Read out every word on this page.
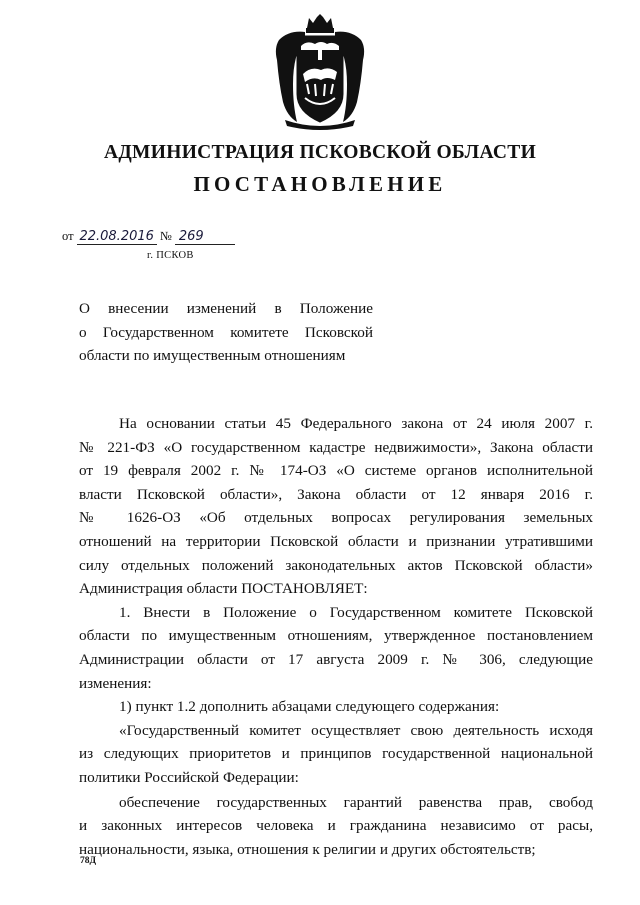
АДМИНИСТРАЦИЯ ПСКОВСКОЙ ОБЛАСТИ
ПОСТАНОВЛЕНИЕ
от 22.08.2016 № 269
г. ПСКОВ
О внесении изменений в Положение
о Государственном комитете Псковской
области по имущественным отношениям
На основании статьи 45 Федерального закона от 24 июля 2007 г.
№ 221-ФЗ «О государственном кадастре недвижимости», Закона области
от 19 февраля 2002 г. № 174-ОЗ «О системе органов исполнительной
власти Псковской области», Закона области от 12 января 2016 г.
№ 1626-ОЗ «Об отдельных вопросах регулирования земельных
отношений на территории Псковской области и признании утратившими
силу отдельных положений законодательных актов Псковской области»
Администрация области ПОСТАНОВЛЯЕТ:
1. Внести в Положение о Государственном комитете Псковской
области по имущественным отношениям, утвержденное постановлением
Администрации области от 17 августа 2009 г. № 306, следующие
изменения:
1) пункт 1.2 дополнить абзацами следующего содержания:
«Государственный комитет осуществляет свою деятельность исходя
из следующих приоритетов и принципов государственной национальной
политики Российской Федерации:
обеспечение государственных гарантий равенства прав, свобод
и законных интересов человека и гражданина независимо от расы,
национальности, языка, отношения к религии и других обстоятельств;
78Д
